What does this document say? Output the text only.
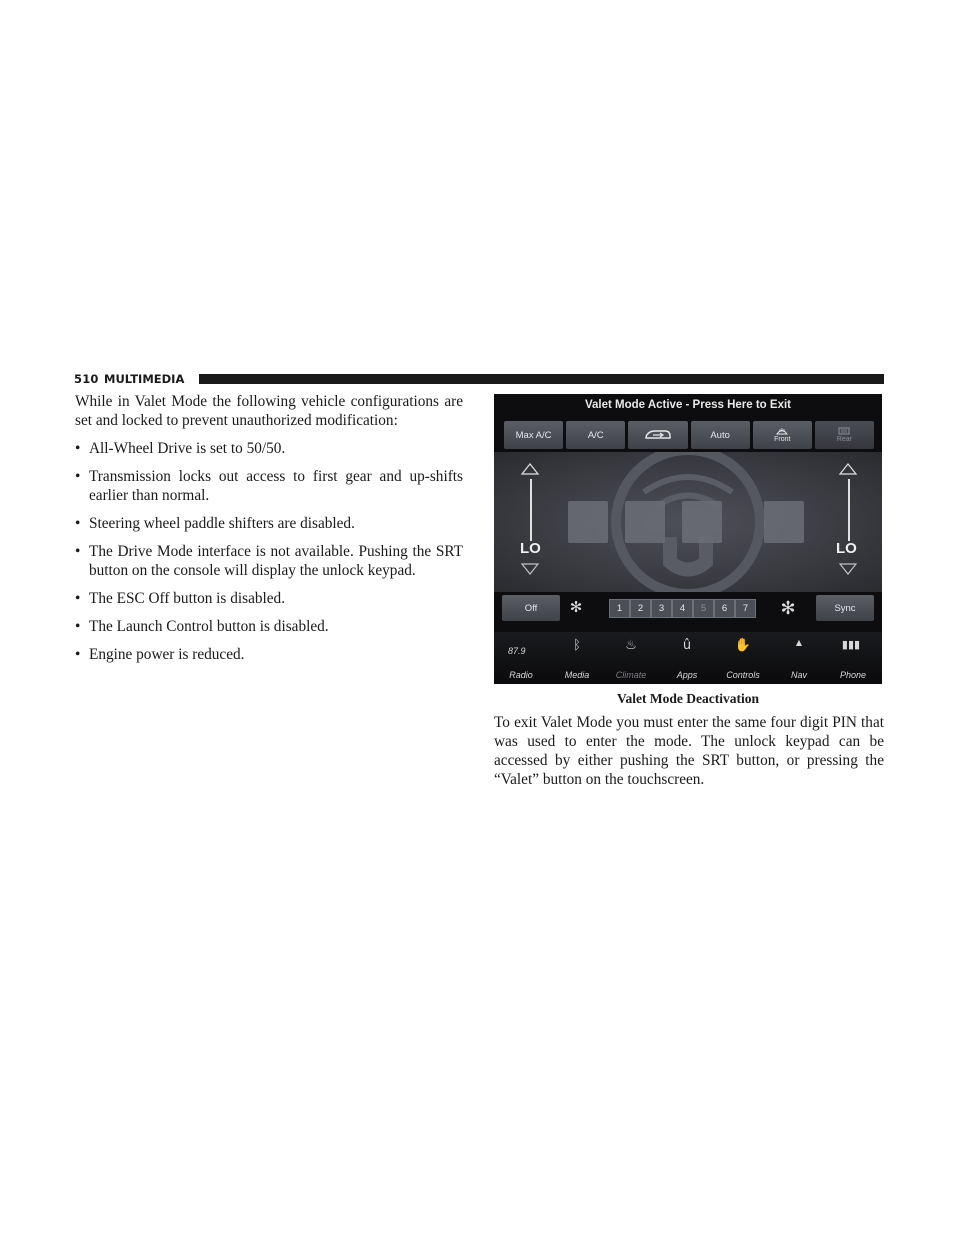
510 MULTIMEDIA

While in Valet Mode the following vehicle configurations are set and locked to prevent unauthorized modification:

• All-Wheel Drive is set to 50/50.
• Transmission locks out access to first gear and up-shifts earlier than normal.
• Steering wheel paddle shifters are disabled.
• The Drive Mode interface is not available. Pushing the SRT button on the console will display the unlock keypad.
• The ESC Off button is disabled.
• The Launch Control button is disabled.
• Engine power is reduced.
Valet Mode Active - Press Here to Exit
Max A/C	A/C	Auto	Front	Rear
LO	LO
Off	✻	1	2	3	4	5	6	7	✻	Sync
87.9	ᛒ	♨	û	✋	▲	▮▮▮
Radio	Media	Climate	Apps	Controls	Nav	Phone
Valet Mode Deactivation

To exit Valet Mode you must enter the same four digit PIN that was used to enter the mode. The unlock keypad can be accessed by either pushing the SRT button, or pressing the “Valet” button on the touchscreen.
